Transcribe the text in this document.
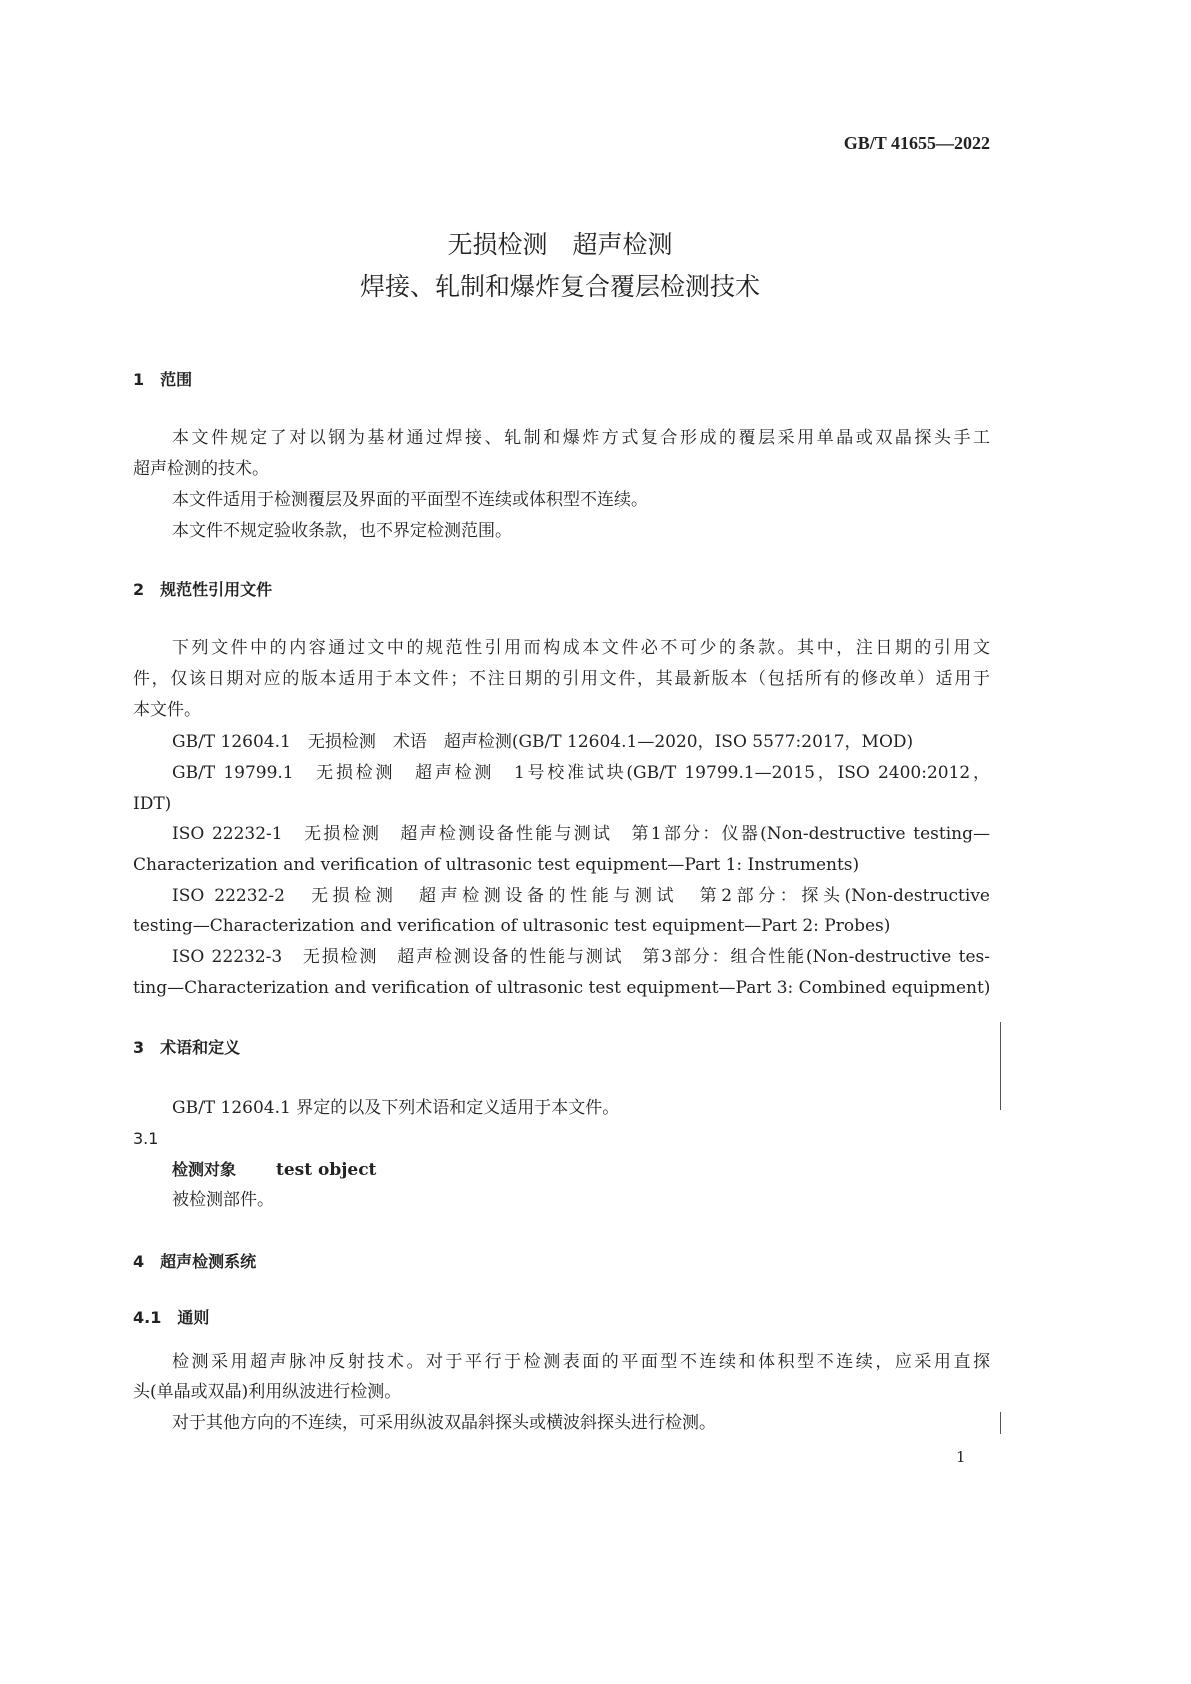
GB/T 41655—2022
无损检测　超声检测
焊接、轧制和爆炸复合覆层检测技术
1　范围
本文件规定了对以钢为基材通过焊接、轧制和爆炸方式复合形成的覆层采用单晶或双晶探头手工
超声检测的技术。
本文件适用于检测覆层及界面的平面型不连续或体积型不连续。
本文件不规定验收条款，也不界定检测范围。
2　规范性引用文件
下列文件中的内容通过文中的规范性引用而构成本文件必不可少的条款。其中，注日期的引用文
件，仅该日期对应的版本适用于本文件；不注日期的引用文件，其最新版本（包括所有的修改单）适用于
本文件。
GB/T 12604.1　无损检测　术语　超声检测(GB/T 12604.1—2020，ISO 5577:2017，MOD)
GB/T 19799.1　无损检测　超声检测　1号校准试块(GB/T 19799.1—2015，ISO 2400:2012，
IDT)
ISO 22232-1　无损检测　超声检测设备性能与测试　第1部分：仪器(Non-destructive testing—
Characterization and verification of ultrasonic test equipment—Part 1: Instruments)
ISO 22232-2　无损检测　超声检测设备的性能与测试　第2部分：探头(Non-destructive
testing—Characterization and verification of ultrasonic test equipment—Part 2: Probes)
ISO 22232-3　无损检测　超声检测设备的性能与测试　第3部分：组合性能(Non-destructive tes-
ting—Characterization and verification of ultrasonic test equipment—Part 3: Combined equipment)
3　术语和定义
GB/T 12604.1 界定的以及下列术语和定义适用于本文件。
3.1
检测对象 test object
被检测部件。
4　超声检测系统
4.1　通则
检测采用超声脉冲反射技术。对于平行于检测表面的平面型不连续和体积型不连续，应采用直探
头(单晶或双晶)利用纵波进行检测。
对于其他方向的不连续，可采用纵波双晶斜探头或横波斜探头进行检测。
1
